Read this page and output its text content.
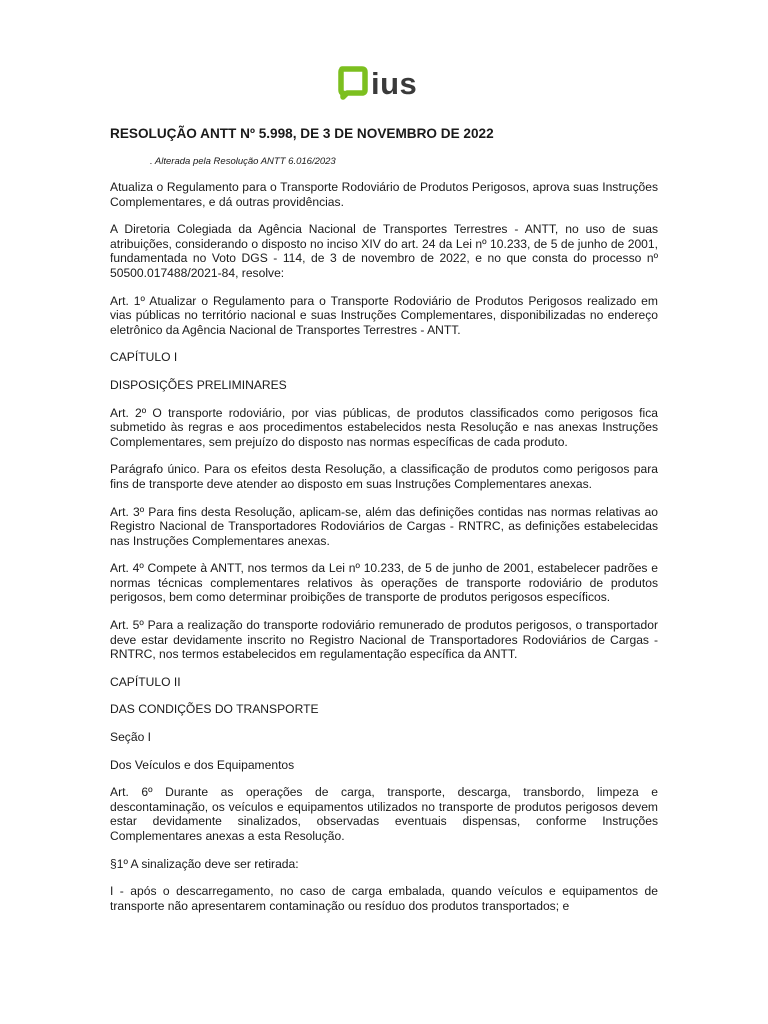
ius
RESOLUÇÃO ANTT Nº 5.998, DE 3 DE NOVEMBRO DE 2022
. Alterada pela Resolução ANTT 6.016/2023

Atualiza o Regulamento para o Transporte Rodoviário de Produtos Perigosos, aprova suas Instruções Complementares, e dá outras providências.

A Diretoria Colegiada da Agência Nacional de Transportes Terrestres - ANTT, no uso de suas atribuições, considerando o disposto no inciso XIV do art. 24 da Lei nº 10.233, de 5 de junho de 2001, fundamentada no Voto DGS - 114, de 3 de novembro de 2022, e no que consta do processo nº 50500.017488/2021-84, resolve:

Art. 1º Atualizar o Regulamento para o Transporte Rodoviário de Produtos Perigosos realizado em vias públicas no território nacional e suas Instruções Complementares, disponibilizadas no endereço eletrônico da Agência Nacional de Transportes Terrestres - ANTT.

CAPÍTULO I

DISPOSIÇÕES PRELIMINARES

Art. 2º O transporte rodoviário, por vias públicas, de produtos classificados como perigosos fica submetido às regras e aos procedimentos estabelecidos nesta Resolução e nas anexas Instruções Complementares, sem prejuízo do disposto nas normas específicas de cada produto.

Parágrafo único. Para os efeitos desta Resolução, a classificação de produtos como perigosos para fins de transporte deve atender ao disposto em suas Instruções Complementares anexas.

Art. 3º Para fins desta Resolução, aplicam-se, além das definições contidas nas normas relativas ao Registro Nacional de Transportadores Rodoviários de Cargas - RNTRC, as definições estabelecidas nas Instruções Complementares anexas.

Art. 4º Compete à ANTT, nos termos da Lei nº 10.233, de 5 de junho de 2001, estabelecer padrões e normas técnicas complementares relativos às operações de transporte rodoviário de produtos perigosos, bem como determinar proibições de transporte de produtos perigosos específicos.

Art. 5º Para a realização do transporte rodoviário remunerado de produtos perigosos, o transportador deve estar devidamente inscrito no Registro Nacional de Transportadores Rodoviários de Cargas - RNTRC, nos termos estabelecidos em regulamentação específica da ANTT.

CAPÍTULO II

DAS CONDIÇÕES DO TRANSPORTE

Seção I

Dos Veículos e dos Equipamentos

Art. 6º Durante as operações de carga, transporte, descarga, transbordo, limpeza e descontaminação, os veículos e equipamentos utilizados no transporte de produtos perigosos devem estar devidamente sinalizados, observadas eventuais dispensas, conforme Instruções Complementares anexas a esta Resolução.

§1º A sinalização deve ser retirada:

I - após o descarregamento, no caso de carga embalada, quando veículos e equipamentos de transporte não apresentarem contaminação ou resíduo dos produtos transportados; e
